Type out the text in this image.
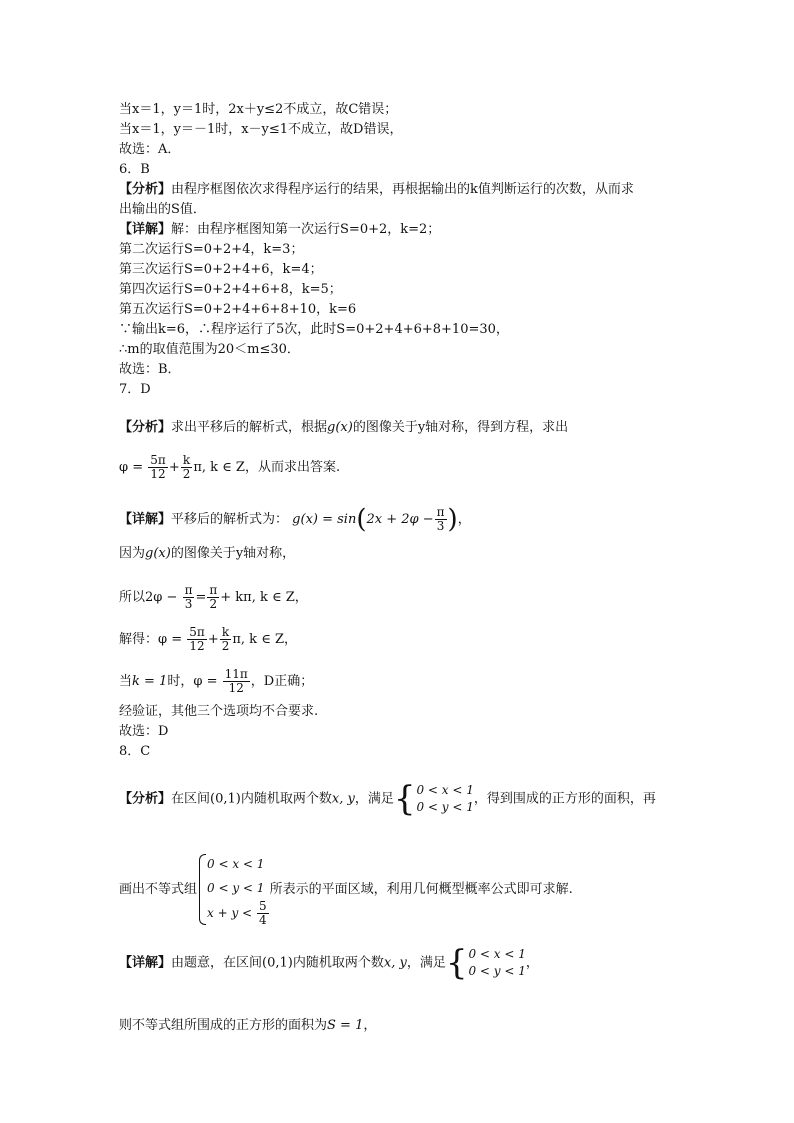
当x＝1，y＝1时，2x＋y≤2不成立，故C错误；
当x＝1，y＝－1时，x－y≤1不成立，故D错误，
故选：A．
6．B
【分析】由程序框图依次求得程序运行的结果，再根据输出的k值判断运行的次数，从而求
出输出的S值．
【详解】解：由程序框图知第一次运行S=0+2，k=2；
第二次运行S=0+2+4，k=3；
第三次运行S=0+2+4+6，k=4；
第四次运行S=0+2+4+6+8，k=5；
第五次运行S=0+2+4+6+8+10，k=6
∵输出k=6，∴程序运行了5次，此时S=0+2+4+6+8+10=30，
∴m的取值范围为20＜m≤30．
故选：B．
7．D
【分析】求出平移后的解析式，根据g(x)的图像关于y轴对称，得到方程，求出
$\varphi = \frac{5\pi}{12} + \frac{k}{2} \pi$, k ∈ Z，从而求出答案.
【详解】平移后的解析式为： $g(x) = \sin(2x + 2\varphi - \frac{\pi}{3}$ )，
因为g(x)的图像关于y轴对称，
所以$2\varphi - \frac{\pi}{3} = \frac{\pi}{2} + k\pi$, k ∈ Z，
解得：$\varphi = \frac{5\pi}{12} + \frac{k}{2} \pi$, k ∈ Z，
当k = 1时，$\varphi = \frac{11\pi}{12}$ ，D正确；
经验证，其他三个选项均不合要求.
故选：D
8．C
【分析】在区间(0,1)内随机取两个数x, y，满足{0 < x < 1
0 < y < 1，得到围成的正方形的面积，再
画出不等式组
0 < x < 1
0 < y < 1
$x + y < \frac{5}{4}$
所表示的平面区域，利用几何概型概率公式即可求解.
【详解】由题意，在区间(0,1)内随机取两个数x, y，满足{0 < x < 1
0 < y < 1，
则不等式组所围成的正方形的面积为S = 1，
